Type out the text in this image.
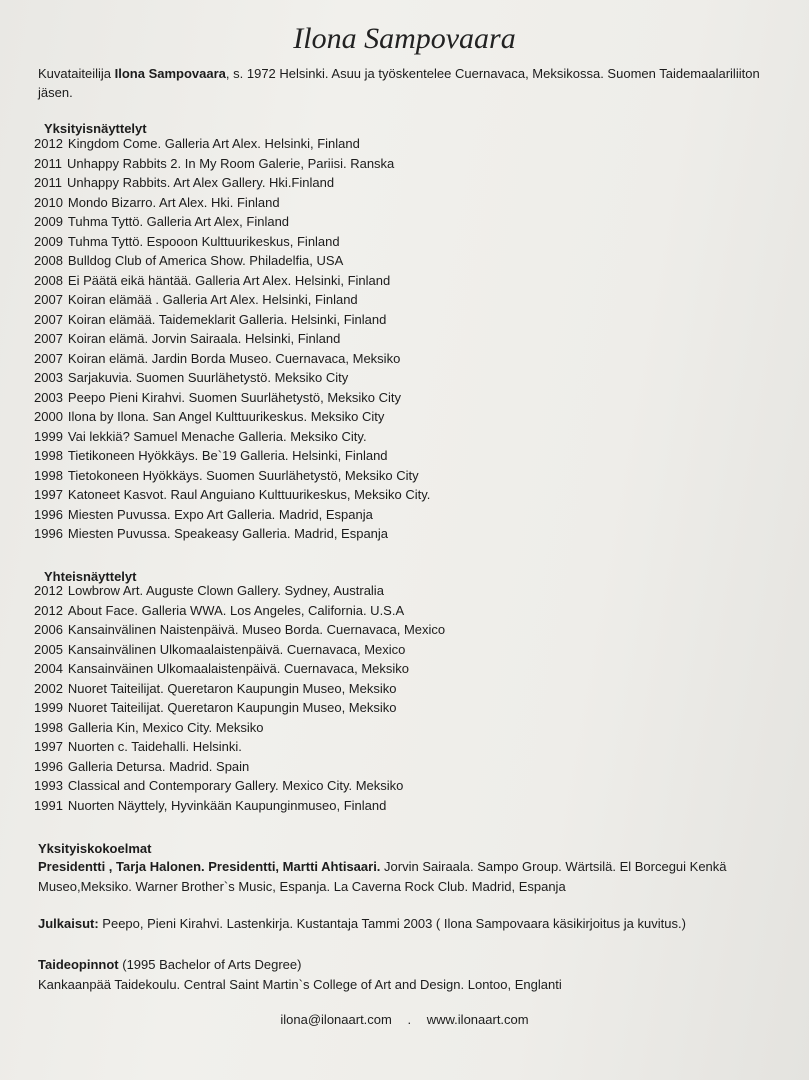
Ilona Sampovaara
Kuvataiteilija Ilona Sampovaara, s. 1972 Helsinki. Asuu ja työskentelee Cuernavaca, Meksikossa. Suomen Taidemaalariliiton jäsen.
Yksityisnäyttelyt
2012 Kingdom Come. Galleria Art Alex. Helsinki, Finland
2011 Unhappy Rabbits 2. In My Room Galerie, Pariisi. Ranska
2011 Unhappy Rabbits. Art Alex Gallery. Hki.Finland
2010 Mondo Bizarro. Art Alex. Hki. Finland
2009 Tuhma Tyttö. Galleria Art Alex, Finland
2009 Tuhma Tyttö. Espooon Kulttuurikeskus, Finland
2008 Bulldog Club of America Show. Philadelfia, USA
2008 Ei Päätä eikä häntää. Galleria Art Alex. Helsinki, Finland
2007 Koiran elämää . Galleria Art Alex. Helsinki, Finland
2007 Koiran elämää. Taidemeklarit Galleria. Helsinki, Finland
2007 Koiran elämä. Jorvin Sairaala. Helsinki, Finland
2007 Koiran elämä. Jardin Borda Museo. Cuernavaca, Meksiko
2003 Sarjakuvia. Suomen Suurlähetystö. Meksiko City
2003 Peepo Pieni Kirahvi. Suomen Suurlähetystö, Meksiko City
2000 Ilona by Ilona. San Angel Kulttuurikeskus. Meksiko City
1999 Vai lekkiä? Samuel Menache Galleria. Meksiko City.
1998 Tietikoneen Hyökkäys. Be`19 Galleria. Helsinki, Finland
1998 Tietokoneen Hyökkäys. Suomen Suurlähetystö, Meksiko City
1997 Katoneet Kasvot. Raul Anguiano Kulttuurikeskus, Meksiko City.
1996 Miesten Puvussa. Expo Art Galleria. Madrid, Espanja
1996 Miesten Puvussa. Speakeasy Galleria. Madrid, Espanja
Yhteisnäyttelyt
2012 Lowbrow Art. Auguste Clown Gallery. Sydney, Australia
2012 About Face. Galleria WWA. Los Angeles, California. U.S.A
2006 Kansainvälinen Naistenpäivä. Museo Borda. Cuernavaca, Mexico
2005 Kansainvälinen Ulkomaalaistenpäivä. Cuernavaca, Mexico
2004 Kansainväinen Ulkomaalaistenpäivä. Cuernavaca, Meksiko
2002 Nuoret Taiteilijat. Queretaron Kaupungin Museo, Meksiko
1999 Nuoret Taiteilijat. Queretaron Kaupungin Museo, Meksiko
1998 Galleria Kin, Mexico City. Meksiko
1997 Nuorten c. Taidehalli. Helsinki.
1996 Galleria Detursa. Madrid. Spain
1993 Classical and Contemporary Gallery. Mexico City. Meksiko
1991 Nuorten Näyttely, Hyvinkään Kaupunginmuseo, Finland
Yksityiskokoelmat
Presidentti , Tarja Halonen. Presidentti, Martti Ahtisaari. Jorvin Sairaala. Sampo Group. Wärtsilä. El Borcegui Kenkä Museo,Meksiko. Warner Brother`s Music, Espanja. La Caverna Rock Club. Madrid, Espanja
Julkaisut: Peepo, Pieni Kirahvi. Lastenkirja. Kustantaja Tammi 2003 ( Ilona Sampovaara käsikirjoitus ja kuvitus.)
Taideopinnot (1995 Bachelor of Arts Degree)
Kankaanpää Taidekoulu. Central Saint Martin`s College of Art and Design. Lontoo, Englanti
ilona@ilonaart.com . www.ilonaart.com
